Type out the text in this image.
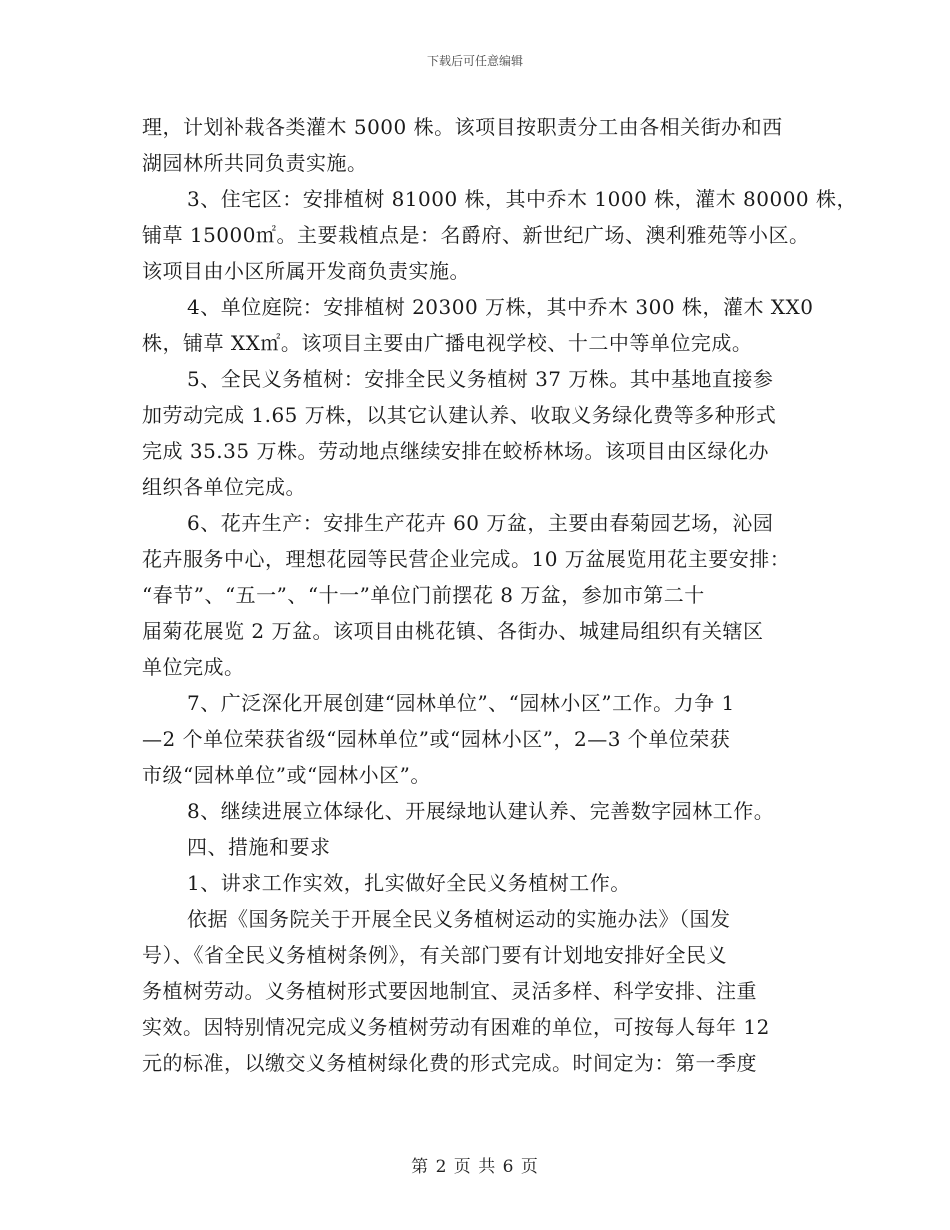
下载后可任意编辑
理，计划补栽各类灌木 5000 株。该项目按职责分工由各相关街办和西
湖园林所共同负责实施。
3、住宅区：安排植树 81000 株，其中乔木 1000 株，灌木 80000 株，
铺草 15000㎡。主要栽植点是：名爵府、新世纪广场、澳利雅苑等小区。
该项目由小区所属开发商负责实施。
4、单位庭院：安排植树 20300 万株，其中乔木 300 株，灌木 XX0
株，铺草 XX㎡。该项目主要由广播电视学校、十二中等单位完成。
5、全民义务植树：安排全民义务植树 37 万株。其中基地直接参
加劳动完成 1.65 万株，以其它认建认养、收取义务绿化费等多种形式
完成 35.35 万株。劳动地点继续安排在蛟桥林场。该项目由区绿化办
组织各单位完成。
6、花卉生产：安排生产花卉 60 万盆，主要由春菊园艺场，沁园
花卉服务中心，理想花园等民营企业完成。10 万盆展览用花主要安排：
“春节”、“五一”、“十一”单位门前摆花 8 万盆，参加市第二十
届菊花展览 2 万盆。该项目由桃花镇、各街办、城建局组织有关辖区
单位完成。
7、广泛深化开展创建“园林单位”、“园林小区”工作。力争 1
—2 个单位荣获省级“园林单位”或“园林小区”，2—3 个单位荣获
市级“园林单位”或“园林小区”。
8、继续进展立体绿化、开展绿地认建认养、完善数字园林工作。
四、措施和要求
1、讲求工作实效，扎实做好全民义务植树工作。
依据《国务院关于开展全民义务植树运动的实施办法》（国发
号）、《省全民义务植树条例》，有关部门要有计划地安排好全民义
务植树劳动。义务植树形式要因地制宜、灵活多样、科学安排、注重
实效。因特别情况完成义务植树劳动有困难的单位，可按每人每年 12
元的标准，以缴交义务植树绿化费的形式完成。时间定为：第一季度
第 2 页 共 6 页
